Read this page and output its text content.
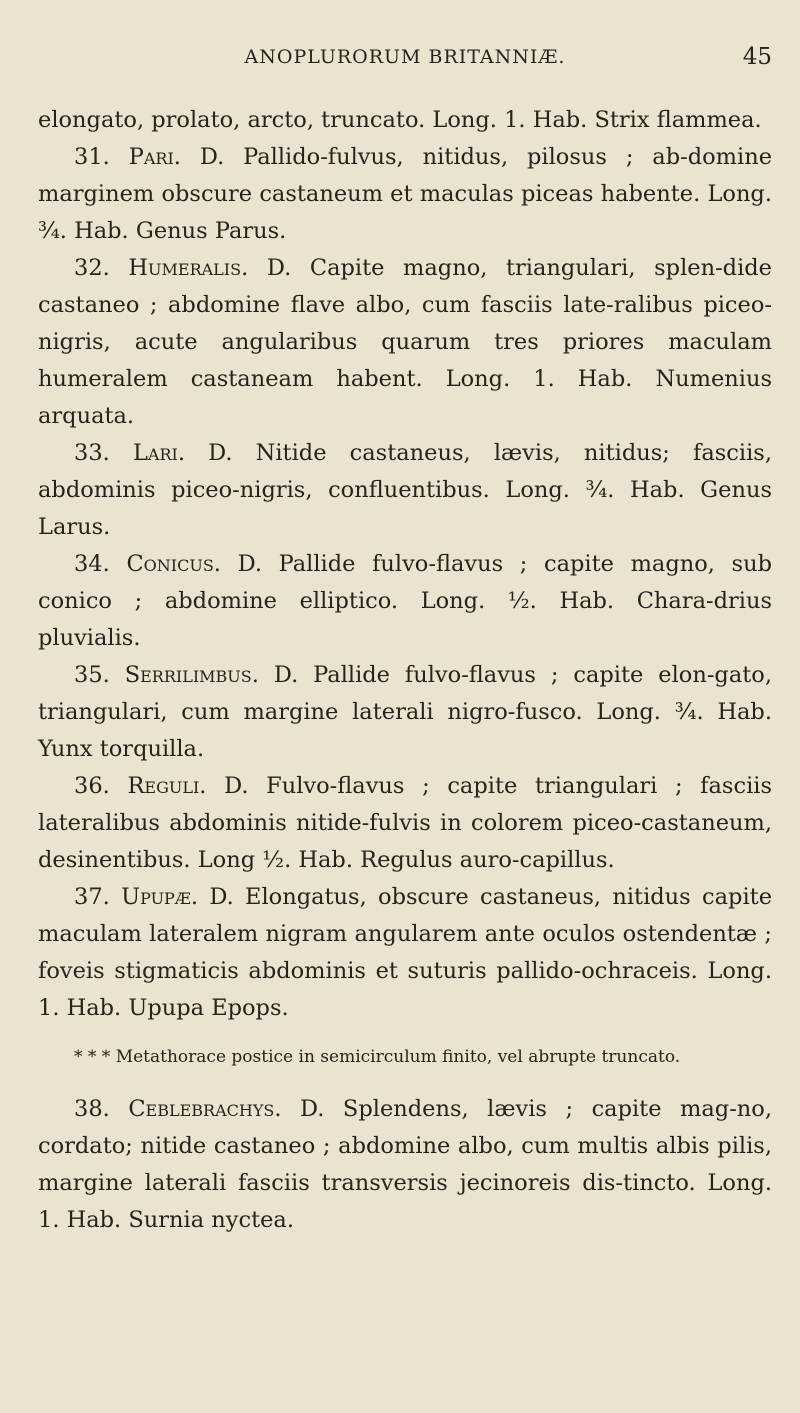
ANOPLURORUM BRITANNIÆ.	45

elongato, prolato, arcto, truncato. Long. 1. Hab. Strix flammea.

31. Pari. D. Pallido-fulvus, nitidus, pilosus ; ab-domine marginem obscure castaneum et maculas piceas habente. Long. ¾. Hab. Genus Parus.

32. Humeralis. D. Capite magno, triangulari, splen-dide castaneo ; abdomine flave albo, cum fasciis late-ralibus piceo-nigris, acute angularibus quarum tres priores maculam humeralem castaneam habent. Long. 1. Hab. Numenius arquata.

33. Lari. D. Nitide castaneus, lævis, nitidus; fasciis, abdominis piceo-nigris, confluentibus. Long. ¾. Hab. Genus Larus.

34. Conicus. D. Pallide fulvo-flavus ; capite magno, sub conico ; abdomine elliptico. Long. ½. Hab. Chara-drius pluvialis.

35. Serrilimbus. D. Pallide fulvo-flavus ; capite elon-gato, triangulari, cum margine laterali nigro-fusco. Long. ¾. Hab. Yunx torquilla.

36. Reguli. D. Fulvo-flavus ; capite triangulari ; fasciis lateralibus abdominis nitide-fulvis in colorem piceo-castaneum, desinentibus. Long ½. Hab. Regulus auro-capillus.

37. Upupæ. D. Elongatus, obscure castaneus, nitidus capite maculam lateralem nigram angularem ante oculos ostendentæ ; foveis stigmaticis abdominis et suturis pallido-ochraceis. Long. 1. Hab. Upupa Epops.

* * * Metathorace postice in semicirculum finito, vel abrupte truncato.

38. Ceblebrachys. D. Splendens, lævis ; capite mag-no, cordato; nitide castaneo ; abdomine albo, cum multis albis pilis, margine laterali fasciis transversis jecinoreis dis-tincto. Long. 1. Hab. Surnia nyctea.
